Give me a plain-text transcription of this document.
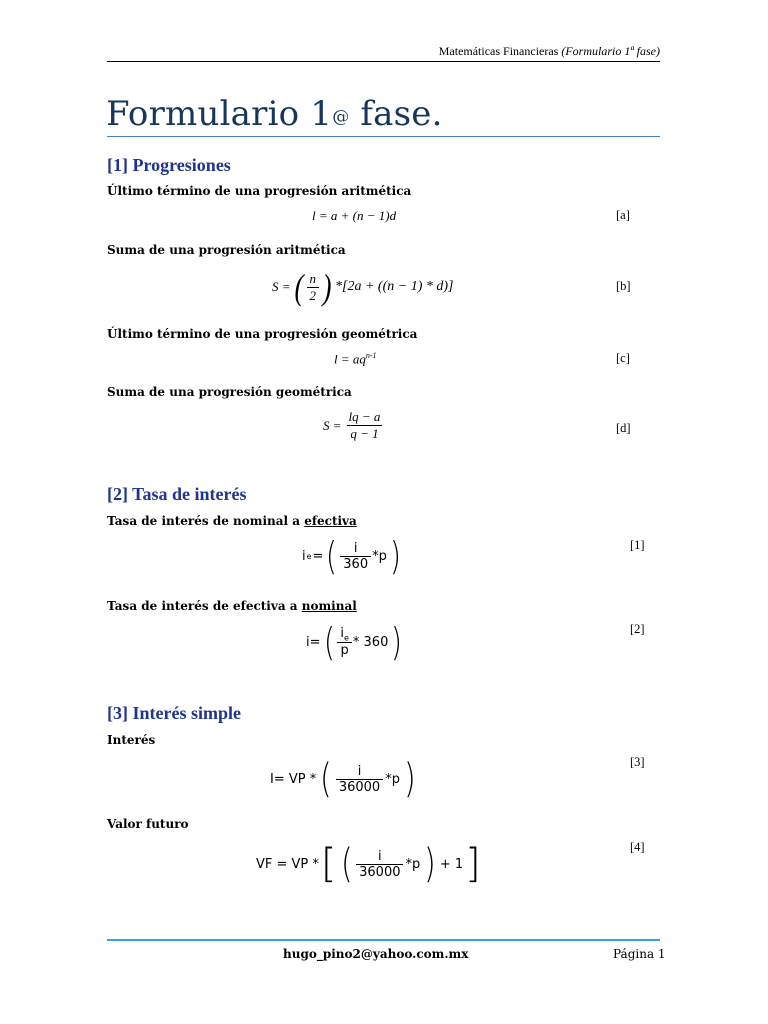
Matemáticas Financieras (Formulario 1ª fase)
Formulario 1@ fase.
[1] Progresiones
Último término de una progresión aritmética
l = a + (n − 1)d	[a]
Suma de una progresión aritmética
S = ( $\frac{n}{2}$ ) *[2a + ((n − 1) * d)]	[b]
Último término de una progresión geométrica
$l = aq^{n-1}$	[c]
Suma de una progresión geométrica
$S = \frac{lq - a}{q - 1}$	[d]
[2] Tasa de interés
Tasa de interés de nominal a efectiva
i e = ( $\frac{i}{360} *p$ )	[1]
Tasa de interés de efectiva a nominal
i= ( $\frac{i_e}{p} * 360$ )	[2]
[3] Interés simple
Interés
I= VP * ( $\frac{i}{36000} *p$ )	[3]
Valor futuro
VF = VP * [ ( $\frac{i}{36000} *p$ ) + 1 ]	[4]
hugo_pino2@yahoo.com.mx	Página 1
